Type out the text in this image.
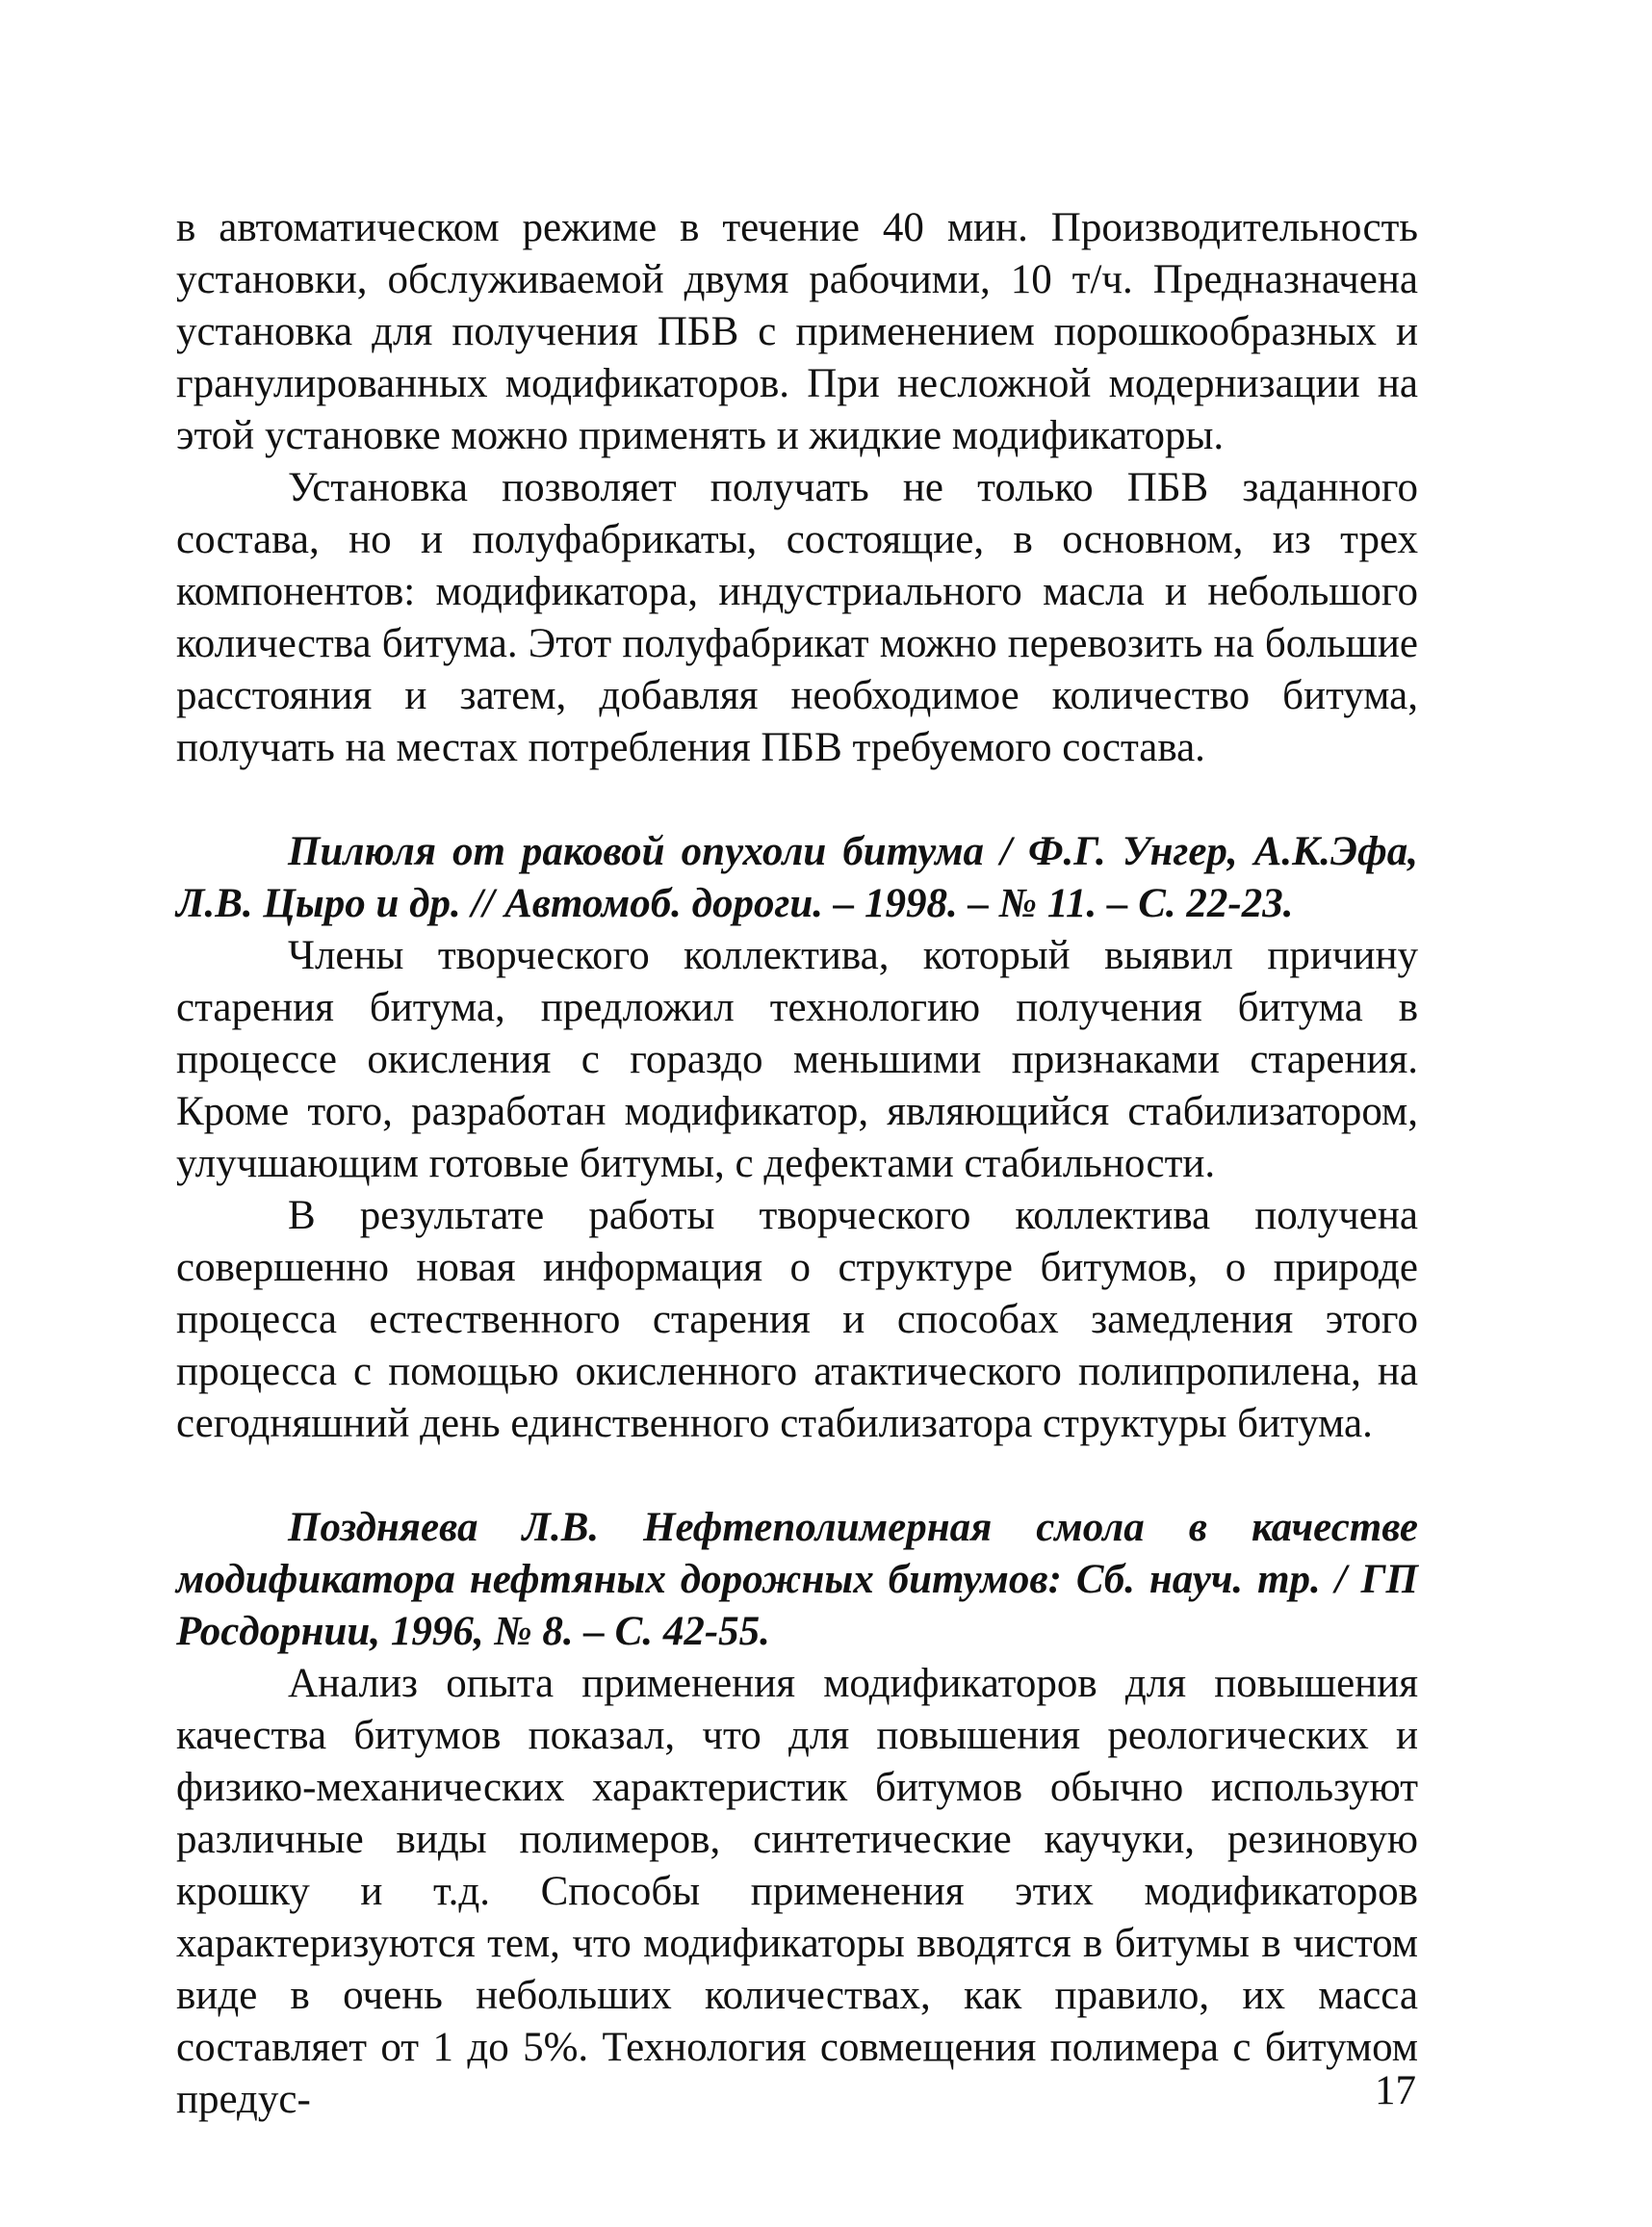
в автоматическом режиме в течение 40 мин. Производительность установки, обслуживаемой двумя рабочими, 10 т/ч. Предназначена установка для получения ПБВ с применением порошкообразных и гранулированных модификаторов. При несложной модернизации на этой установке можно применять и жидкие модификаторы.

Установка позволяет получать не только ПБВ заданного состава, но и полуфабрикаты, состоящие, в основном, из трех компонентов: модификатора, индустриального масла и небольшого количества битума. Этот полуфабрикат можно перевозить на большие расстояния и затем, добавляя необходимое количество битума, получать на местах потребления ПБВ требуемого состава.

Пилюля от раковой опухоли битума / Ф.Г. Унгер, А.К.Эфа, Л.В. Цыро и др. // Автомоб. дороги. – 1998. – № 11. – С. 22-23.

Члены творческого коллектива, который выявил причину старения битума, предложил технологию получения битума в процессе окисления с гораздо меньшими признаками старения. Кроме того, разработан модификатор, являющийся стабилизатором, улучшающим готовые битумы, с дефектами стабильности.

В результате работы творческого коллектива получена совершенно новая информация о структуре битумов, о природе процесса естественного старения и способах замедления этого процесса с помощью окисленного атактического полипропилена, на сегодняшний день единственного стабилизатора структуры битума.

Поздняева Л.В. Нефтеполимерная смола в качестве модификатора нефтяных дорожных битумов: Сб. науч. тр. / ГП Росдорнии, 1996, № 8. – С. 42-55.

Анализ опыта применения модификаторов для повышения качества битумов показал, что для повышения реологических и физико-механических характеристик битумов обычно используют различные виды полимеров, синтетические каучуки, резиновую крошку и т.д. Способы применения этих модификаторов характеризуются тем, что модификаторы вводятся в битумы в чистом виде в очень небольших количествах, как правило, их масса составляет от 1 до 5%. Технология совмещения полимера с битумом предус-	17
